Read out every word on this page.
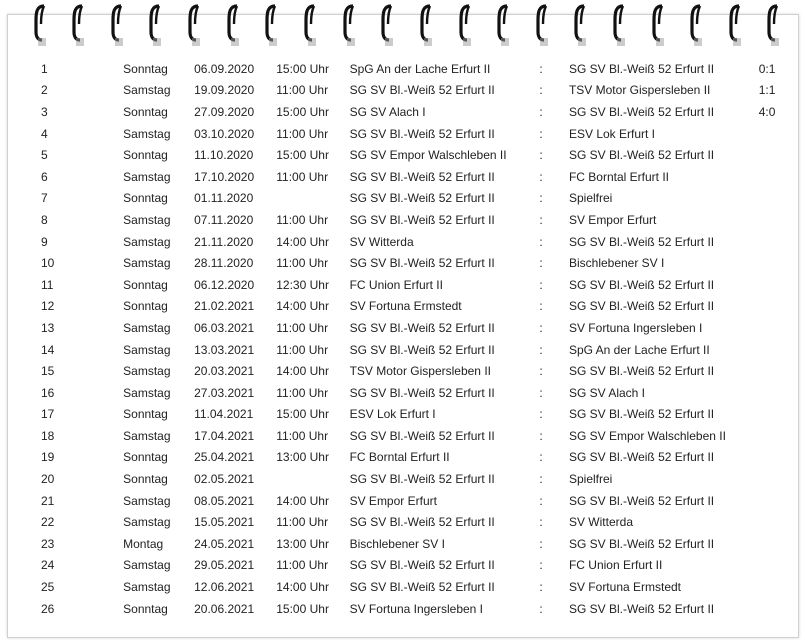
1	Sonntag	06.09.2020	15:00 Uhr	SpG An der Lache Erfurt II	:	SG SV Bl.-Weiß 52 Erfurt II	0:1
2	Samstag	19.09.2020	11:00 Uhr	SG SV Bl.-Weiß 52 Erfurt II	:	TSV Motor Gispersleben II	1:1
3	Sonntag	27.09.2020	15:00 Uhr	SG SV Alach I	:	SG SV Bl.-Weiß 52 Erfurt II	4:0
4	Samstag	03.10.2020	11:00 Uhr	SG SV Bl.-Weiß 52 Erfurt II	:	ESV Lok Erfurt I	
5	Sonntag	11.10.2020	15:00 Uhr	SG SV Empor Walschleben II	:	SG SV Bl.-Weiß 52 Erfurt II	
6	Samstag	17.10.2020	11:00 Uhr	SG SV Bl.-Weiß 52 Erfurt II	:	FC Borntal Erfurt II	
7	Sonntag	01.11.2020		SG SV Bl.-Weiß 52 Erfurt II	:	Spielfrei	
8	Samstag	07.11.2020	11:00 Uhr	SG SV Bl.-Weiß 52 Erfurt II	:	SV Empor Erfurt	
9	Samstag	21.11.2020	14:00 Uhr	SV Witterda	:	SG SV Bl.-Weiß 52 Erfurt II	
10	Samstag	28.11.2020	11:00 Uhr	SG SV Bl.-Weiß 52 Erfurt II	:	Bischlebener SV I	
11	Sonntag	06.12.2020	12:30 Uhr	FC Union Erfurt II	:	SG SV Bl.-Weiß 52 Erfurt II	
12	Sonntag	21.02.2021	14:00 Uhr	SV Fortuna Ermstedt	:	SG SV Bl.-Weiß 52 Erfurt II	
13	Samstag	06.03.2021	11:00 Uhr	SG SV Bl.-Weiß 52 Erfurt II	:	SV Fortuna Ingersleben I	
14	Samstag	13.03.2021	11:00 Uhr	SG SV Bl.-Weiß 52 Erfurt II	:	SpG An der Lache Erfurt II	
15	Samstag	20.03.2021	14:00 Uhr	TSV Motor Gispersleben II	:	SG SV Bl.-Weiß 52 Erfurt II	
16	Samstag	27.03.2021	11:00 Uhr	SG SV Bl.-Weiß 52 Erfurt II	:	SG SV Alach I	
17	Sonntag	11.04.2021	15:00 Uhr	ESV Lok Erfurt I	:	SG SV Bl.-Weiß 52 Erfurt II	
18	Samstag	17.04.2021	11:00 Uhr	SG SV Bl.-Weiß 52 Erfurt II	:	SG SV Empor Walschleben II	
19	Sonntag	25.04.2021	13:00 Uhr	FC Borntal Erfurt II	:	SG SV Bl.-Weiß 52 Erfurt II	
20	Sonntag	02.05.2021		SG SV Bl.-Weiß 52 Erfurt II	:	Spielfrei	
21	Samstag	08.05.2021	14:00 Uhr	SV Empor Erfurt	:	SG SV Bl.-Weiß 52 Erfurt II	
22	Samstag	15.05.2021	11:00 Uhr	SG SV Bl.-Weiß 52 Erfurt II	:	SV Witterda	
23	Montag	24.05.2021	13:00 Uhr	Bischlebener SV I	:	SG SV Bl.-Weiß 52 Erfurt II	
24	Samstag	29.05.2021	11:00 Uhr	SG SV Bl.-Weiß 52 Erfurt II	:	FC Union Erfurt II	
25	Samstag	12.06.2021	14:00 Uhr	SG SV Bl.-Weiß 52 Erfurt II	:	SV Fortuna Ermstedt	
26	Sonntag	20.06.2021	15:00 Uhr	SV Fortuna Ingersleben I	:	SG SV Bl.-Weiß 52 Erfurt II	
